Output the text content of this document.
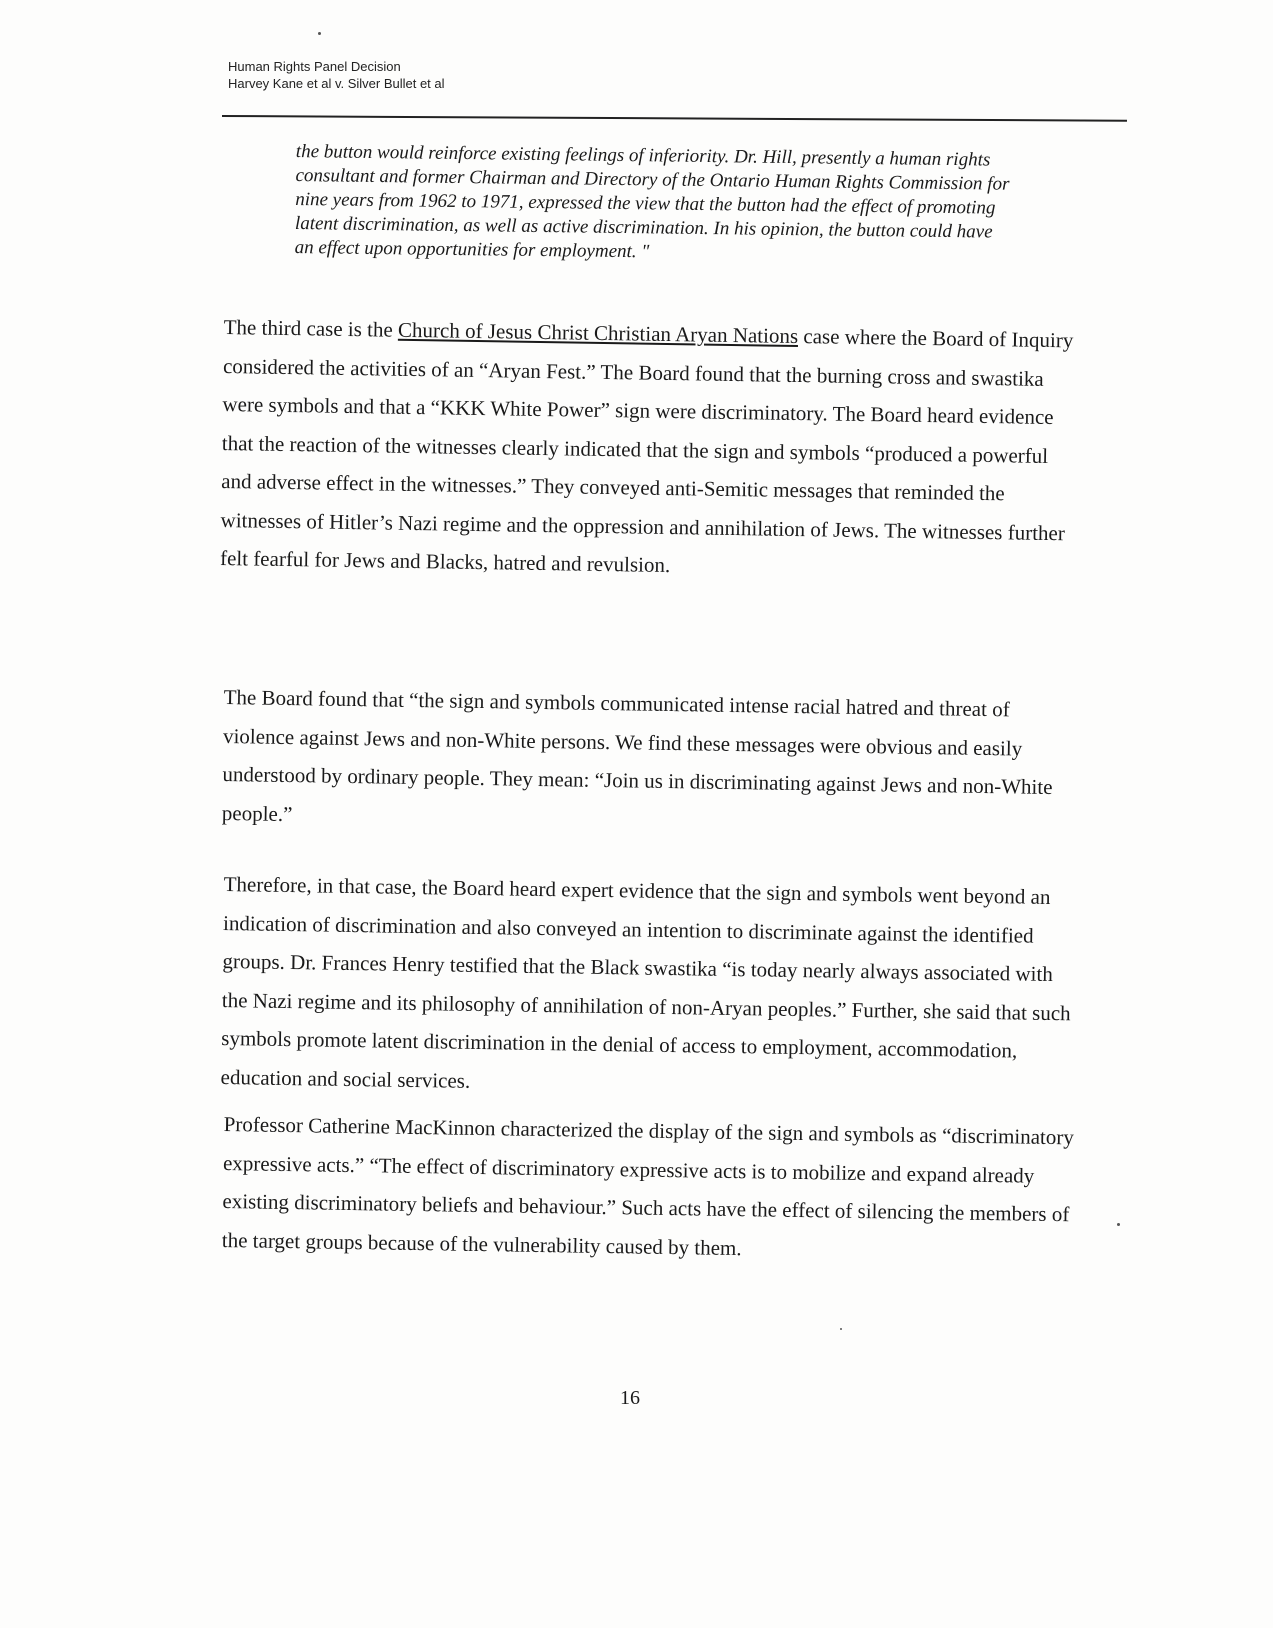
Human Rights Panel Decision
Harvey Kane et al v. Silver Bullet et al
the button would reinforce existing feelings of inferiority. Dr. Hill, presently a human rights consultant and former Chairman and Directory of the Ontario Human Rights Commission for nine years from 1962 to 1971, expressed the view that the button had the effect of promoting latent discrimination, as well as active discrimination. In his opinion, the button could have an effect upon opportunities for employment. "
The third case is the Church of Jesus Christ Christian Aryan Nations case where the Board of Inquiry considered the activities of an “Aryan Fest.” The Board found that the burning cross and swastika were symbols and that a “KKK White Power” sign were discriminatory. The Board heard evidence that the reaction of the witnesses clearly indicated that the sign and symbols “produced a powerful and adverse effect in the witnesses.” They conveyed anti-Semitic messages that reminded the witnesses of Hitler’s Nazi regime and the oppression and annihilation of Jews. The witnesses further felt fearful for Jews and Blacks, hatred and revulsion.
The Board found that “the sign and symbols communicated intense racial hatred and threat of violence against Jews and non-White persons. We find these messages were obvious and easily understood by ordinary people. They mean: “Join us in discriminating against Jews and non-White people.”
Therefore, in that case, the Board heard expert evidence that the sign and symbols went beyond an indication of discrimination and also conveyed an intention to discriminate against the identified groups. Dr. Frances Henry testified that the Black swastika “is today nearly always associated with the Nazi regime and its philosophy of annihilation of non-Aryan peoples.” Further, she said that such symbols promote latent discrimination in the denial of access to employment, accommodation, education and social services.
Professor Catherine MacKinnon characterized the display of the sign and symbols as “discriminatory expressive acts.” “The effect of discriminatory expressive acts is to mobilize and expand already existing discriminatory beliefs and behaviour.” Such acts have the effect of silencing the members of the target groups because of the vulnerability caused by them.
16
